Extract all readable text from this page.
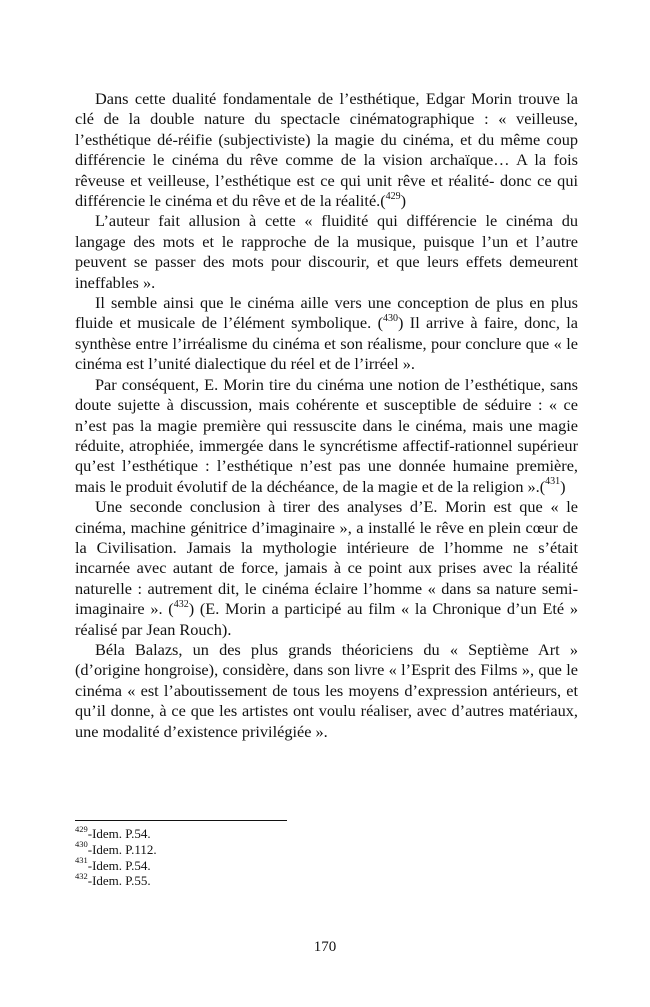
Dans cette dualité fondamentale de l’esthétique, Edgar Morin trouve la clé de la double nature du spectacle cinématographique : « veilleuse, l’esthétique dé-réifie (subjectiviste) la magie du cinéma, et du même coup différencie le cinéma du rêve comme de la vision archaïque… A la fois rêveuse et veilleuse, l’esthétique est ce qui unit rêve et réalité- donc ce qui différencie le cinéma et du rêve et de la réalité.($^{429}$)

L’auteur fait allusion à cette « fluidité qui différencie le cinéma du langage des mots et le rapproche de la musique, puisque l’un et l’autre peuvent se passer des mots pour discourir, et que leurs effets demeurent ineffables ».

Il semble ainsi que le cinéma aille vers une conception de plus en plus fluide et musicale de l’élément symbolique. ($^{430}$) Il arrive à faire, donc, la synthèse entre l’irréalisme du cinéma et son réalisme, pour conclure que « le cinéma est l’unité dialectique du réel et de l’irréel ».

Par conséquent, E. Morin tire du cinéma une notion de l’esthétique, sans doute sujette à discussion, mais cohérente et susceptible de séduire : « ce n’est pas la magie première qui ressuscite dans le cinéma, mais une magie réduite, atrophiée, immergée dans le syncrétisme affectif-rationnel supérieur qu’est l’esthétique : l’esthétique n’est pas une donnée humaine première, mais le produit évolutif de la déchéance, de la magie et de la religion ».($^{431}$)

Une seconde conclusion à tirer des analyses d’E. Morin est que « le cinéma, machine génitrice d’imaginaire », a installé le rêve en plein cœur de la Civilisation. Jamais la mythologie intérieure de l’homme ne s’était incarnée avec autant de force, jamais à ce point aux prises avec la réalité naturelle : autrement dit, le cinéma éclaire l’homme « dans sa nature semi-imaginaire ». ($^{432}$) (E. Morin a participé au film « la Chronique d’un Eté » réalisé par Jean Rouch).

Béla Balazs, un des plus grands théoriciens du « Septième Art » (d’origine hongroise), considère, dans son livre « l’Esprit des Films », que le cinéma « est l’aboutissement de tous les moyens d’expression antérieurs, et qu’il donne, à ce que les artistes ont voulu réaliser, avec d’autres matériaux, une modalité d’existence privilégiée ».

$^{429}$-Idem. P.54.

$^{430}$-Idem. P.112.

$^{431}$-Idem. P.54.

$^{432}$-Idem. P.55.

170
